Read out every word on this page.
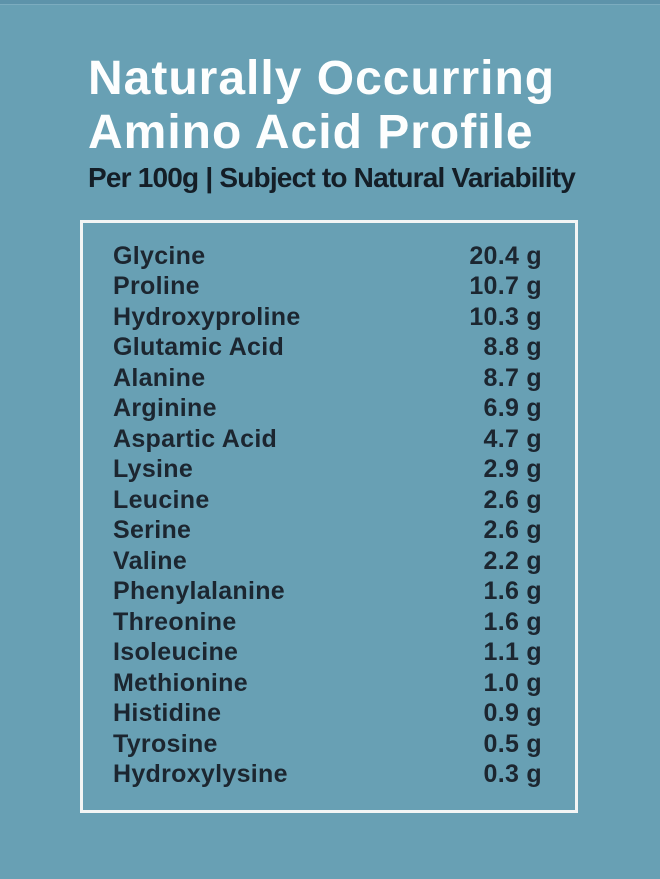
Naturally Occurring
Amino Acid Profile

Per 100g | Subject to Natural Variability

Glycine	20.4 g
Proline	10.7 g
Hydroxyproline	10.3 g
Glutamic Acid	8.8 g
Alanine	8.7 g
Arginine	6.9 g
Aspartic Acid	4.7 g
Lysine	2.9 g
Leucine	2.6 g
Serine	2.6 g
Valine	2.2 g
Phenylalanine	1.6 g
Threonine	1.6 g
Isoleucine	1.1 g
Methionine	1.0 g
Histidine	0.9 g
Tyrosine	0.5 g
Hydroxylysine	0.3 g
